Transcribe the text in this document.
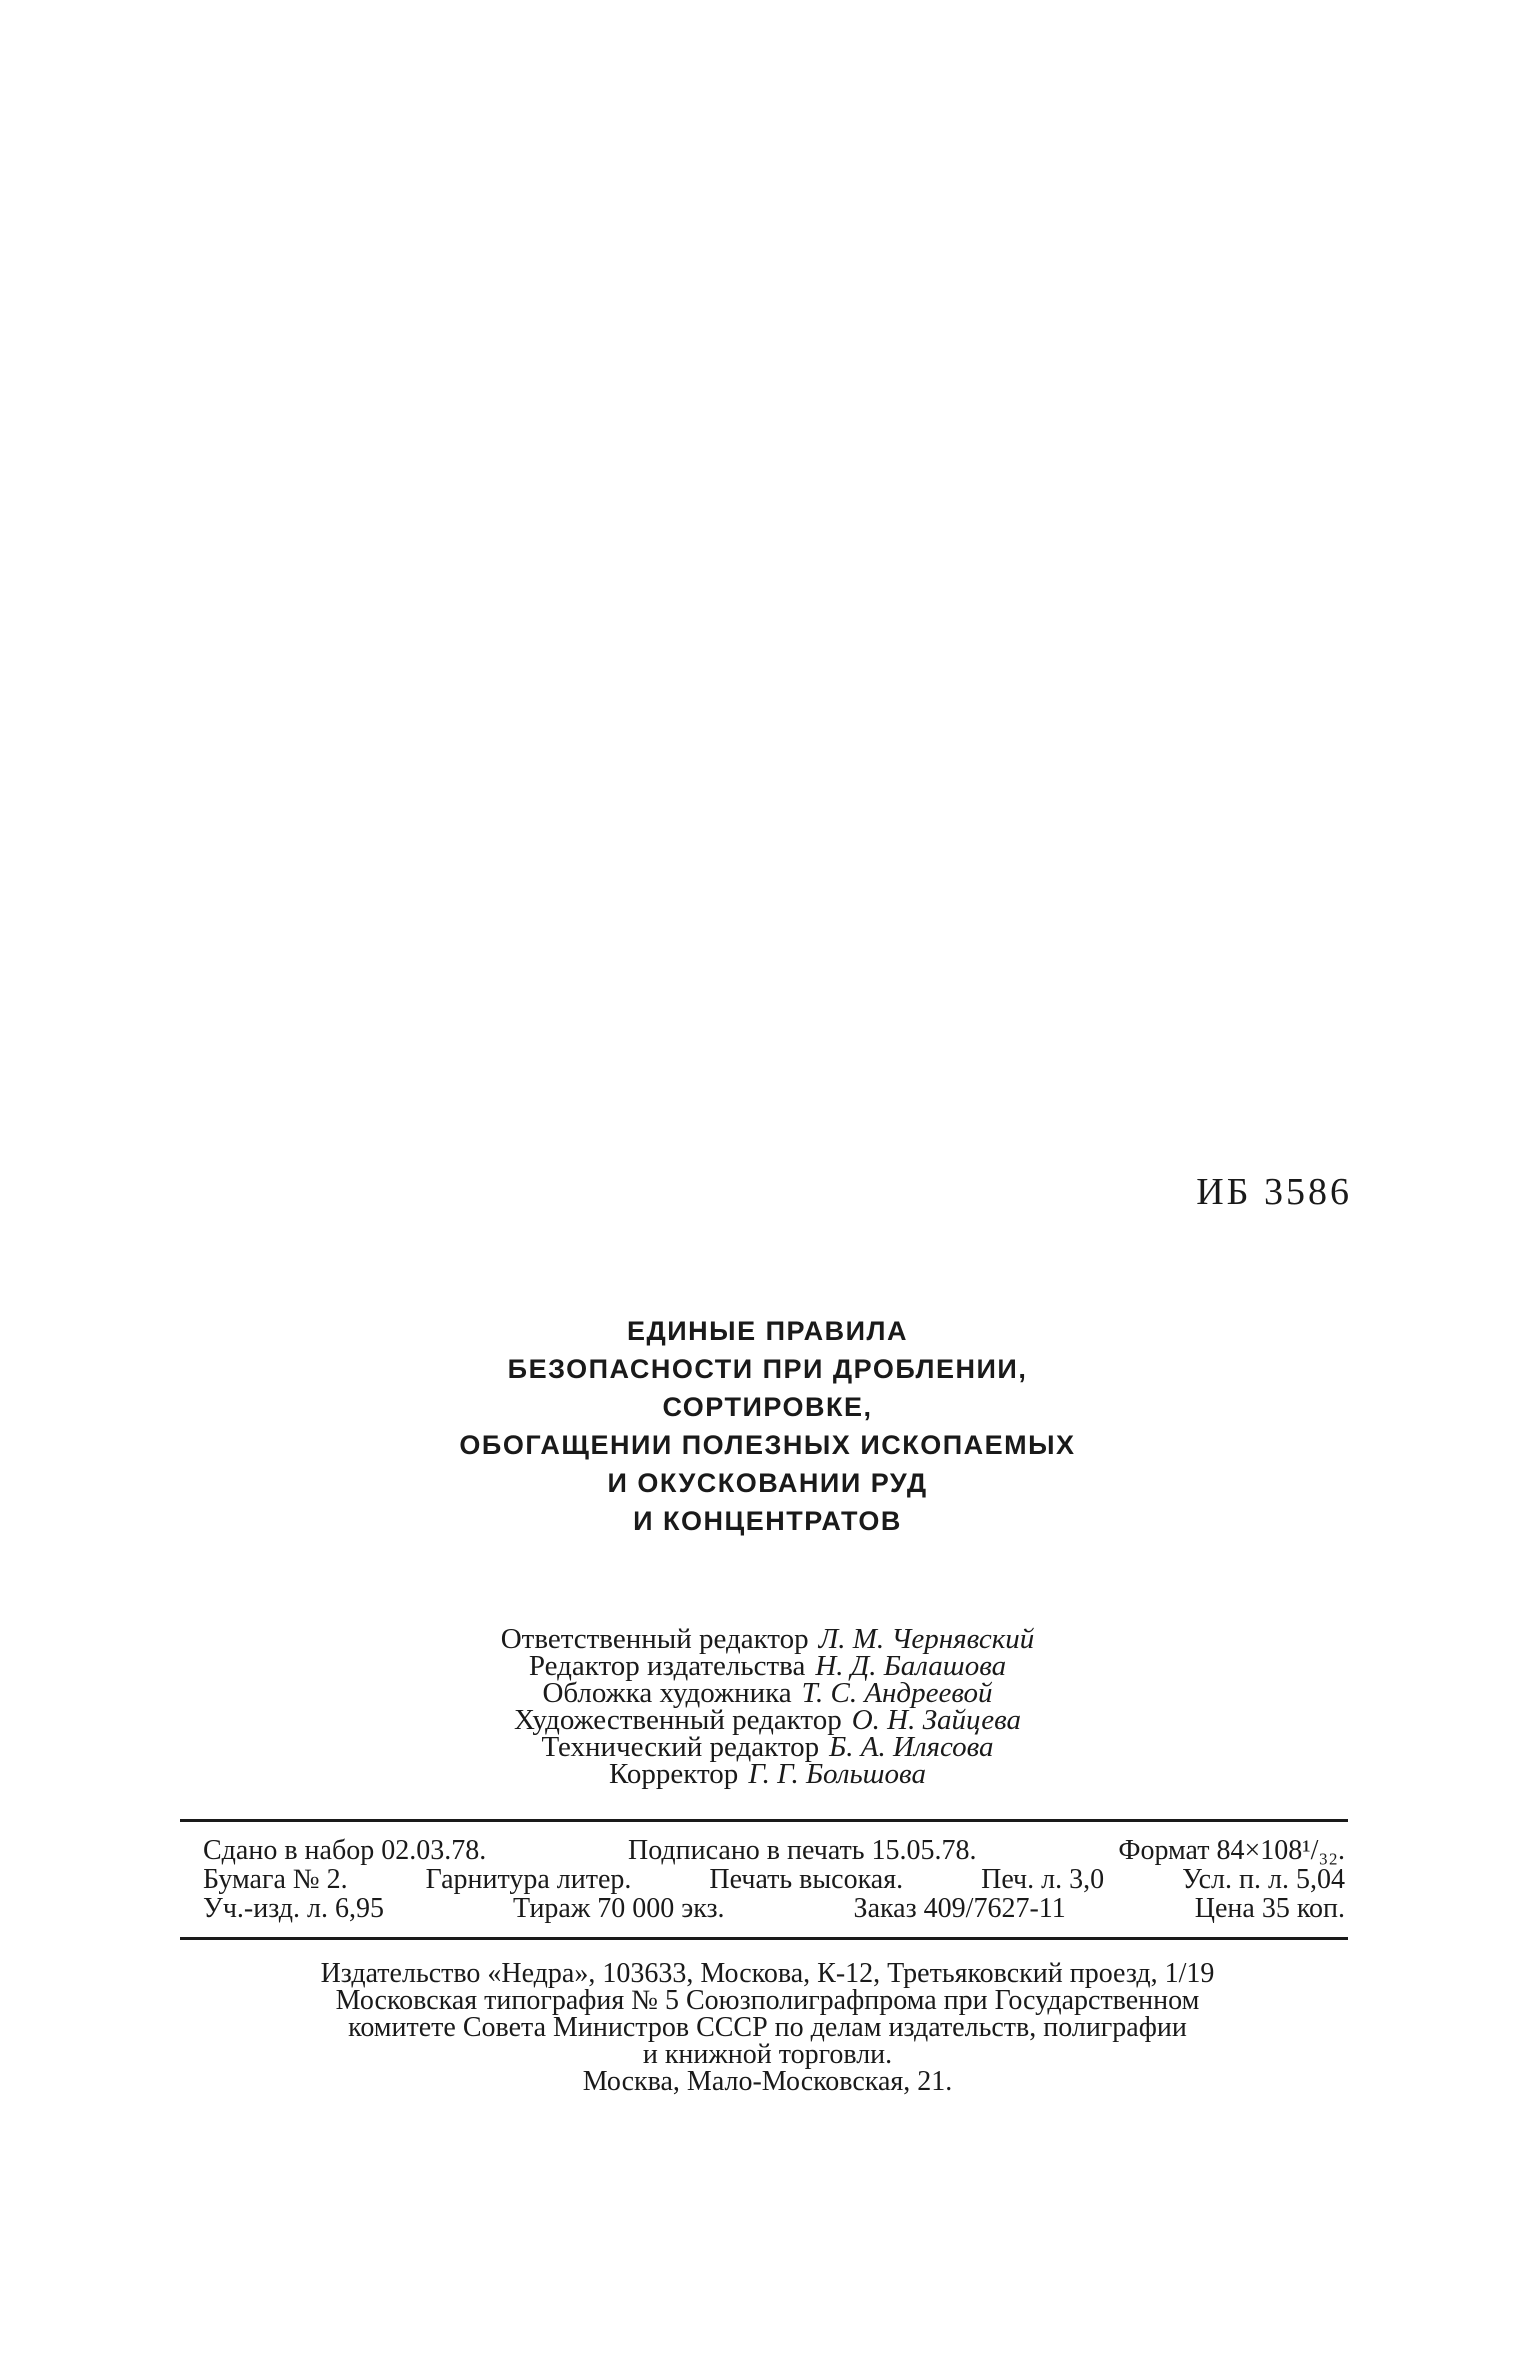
ИБ 3586
ЕДИНЫЕ ПРАВИЛА
БЕЗОПАСНОСТИ ПРИ ДРОБЛЕНИИ,
СОРТИРОВКЕ,
ОБОГАЩЕНИИ ПОЛЕЗНЫХ ИСКОПАЕМЫХ
И ОКУСКОВАНИИ РУД
И КОНЦЕНТРАТОВ
Ответственный редактор Л. М. Чернявский
Редактор издательства Н. Д. Балашова
Обложка художника Т. С. Андреевой
Художественный редактор О. Н. Зайцева
Технический редактор Б. А. Илясова
Корректор Г. Г. Большова
Сдано в набор 02.03.78.	Подписано в печать 15.05.78.	Формат 84×108¹/₃₂.
Бумага № 2.	Гарнитура литер.	Печать высокая.	Печ. л. 3,0	Усл. п. л. 5,04
Уч.-изд. л. 6,95	Тираж 70 000 экз.	Заказ 409/7627-11	Цена 35 коп.
Издательство «Недра», 103633, Москова, К-12, Третьяковский проезд, 1/19
Московская типография № 5 Союзполиграфпрома при Государственном
комитете Совета Министров СССР по делам издательств, полиграфии
и книжной торговли.
Москва, Мало-Московская, 21.
